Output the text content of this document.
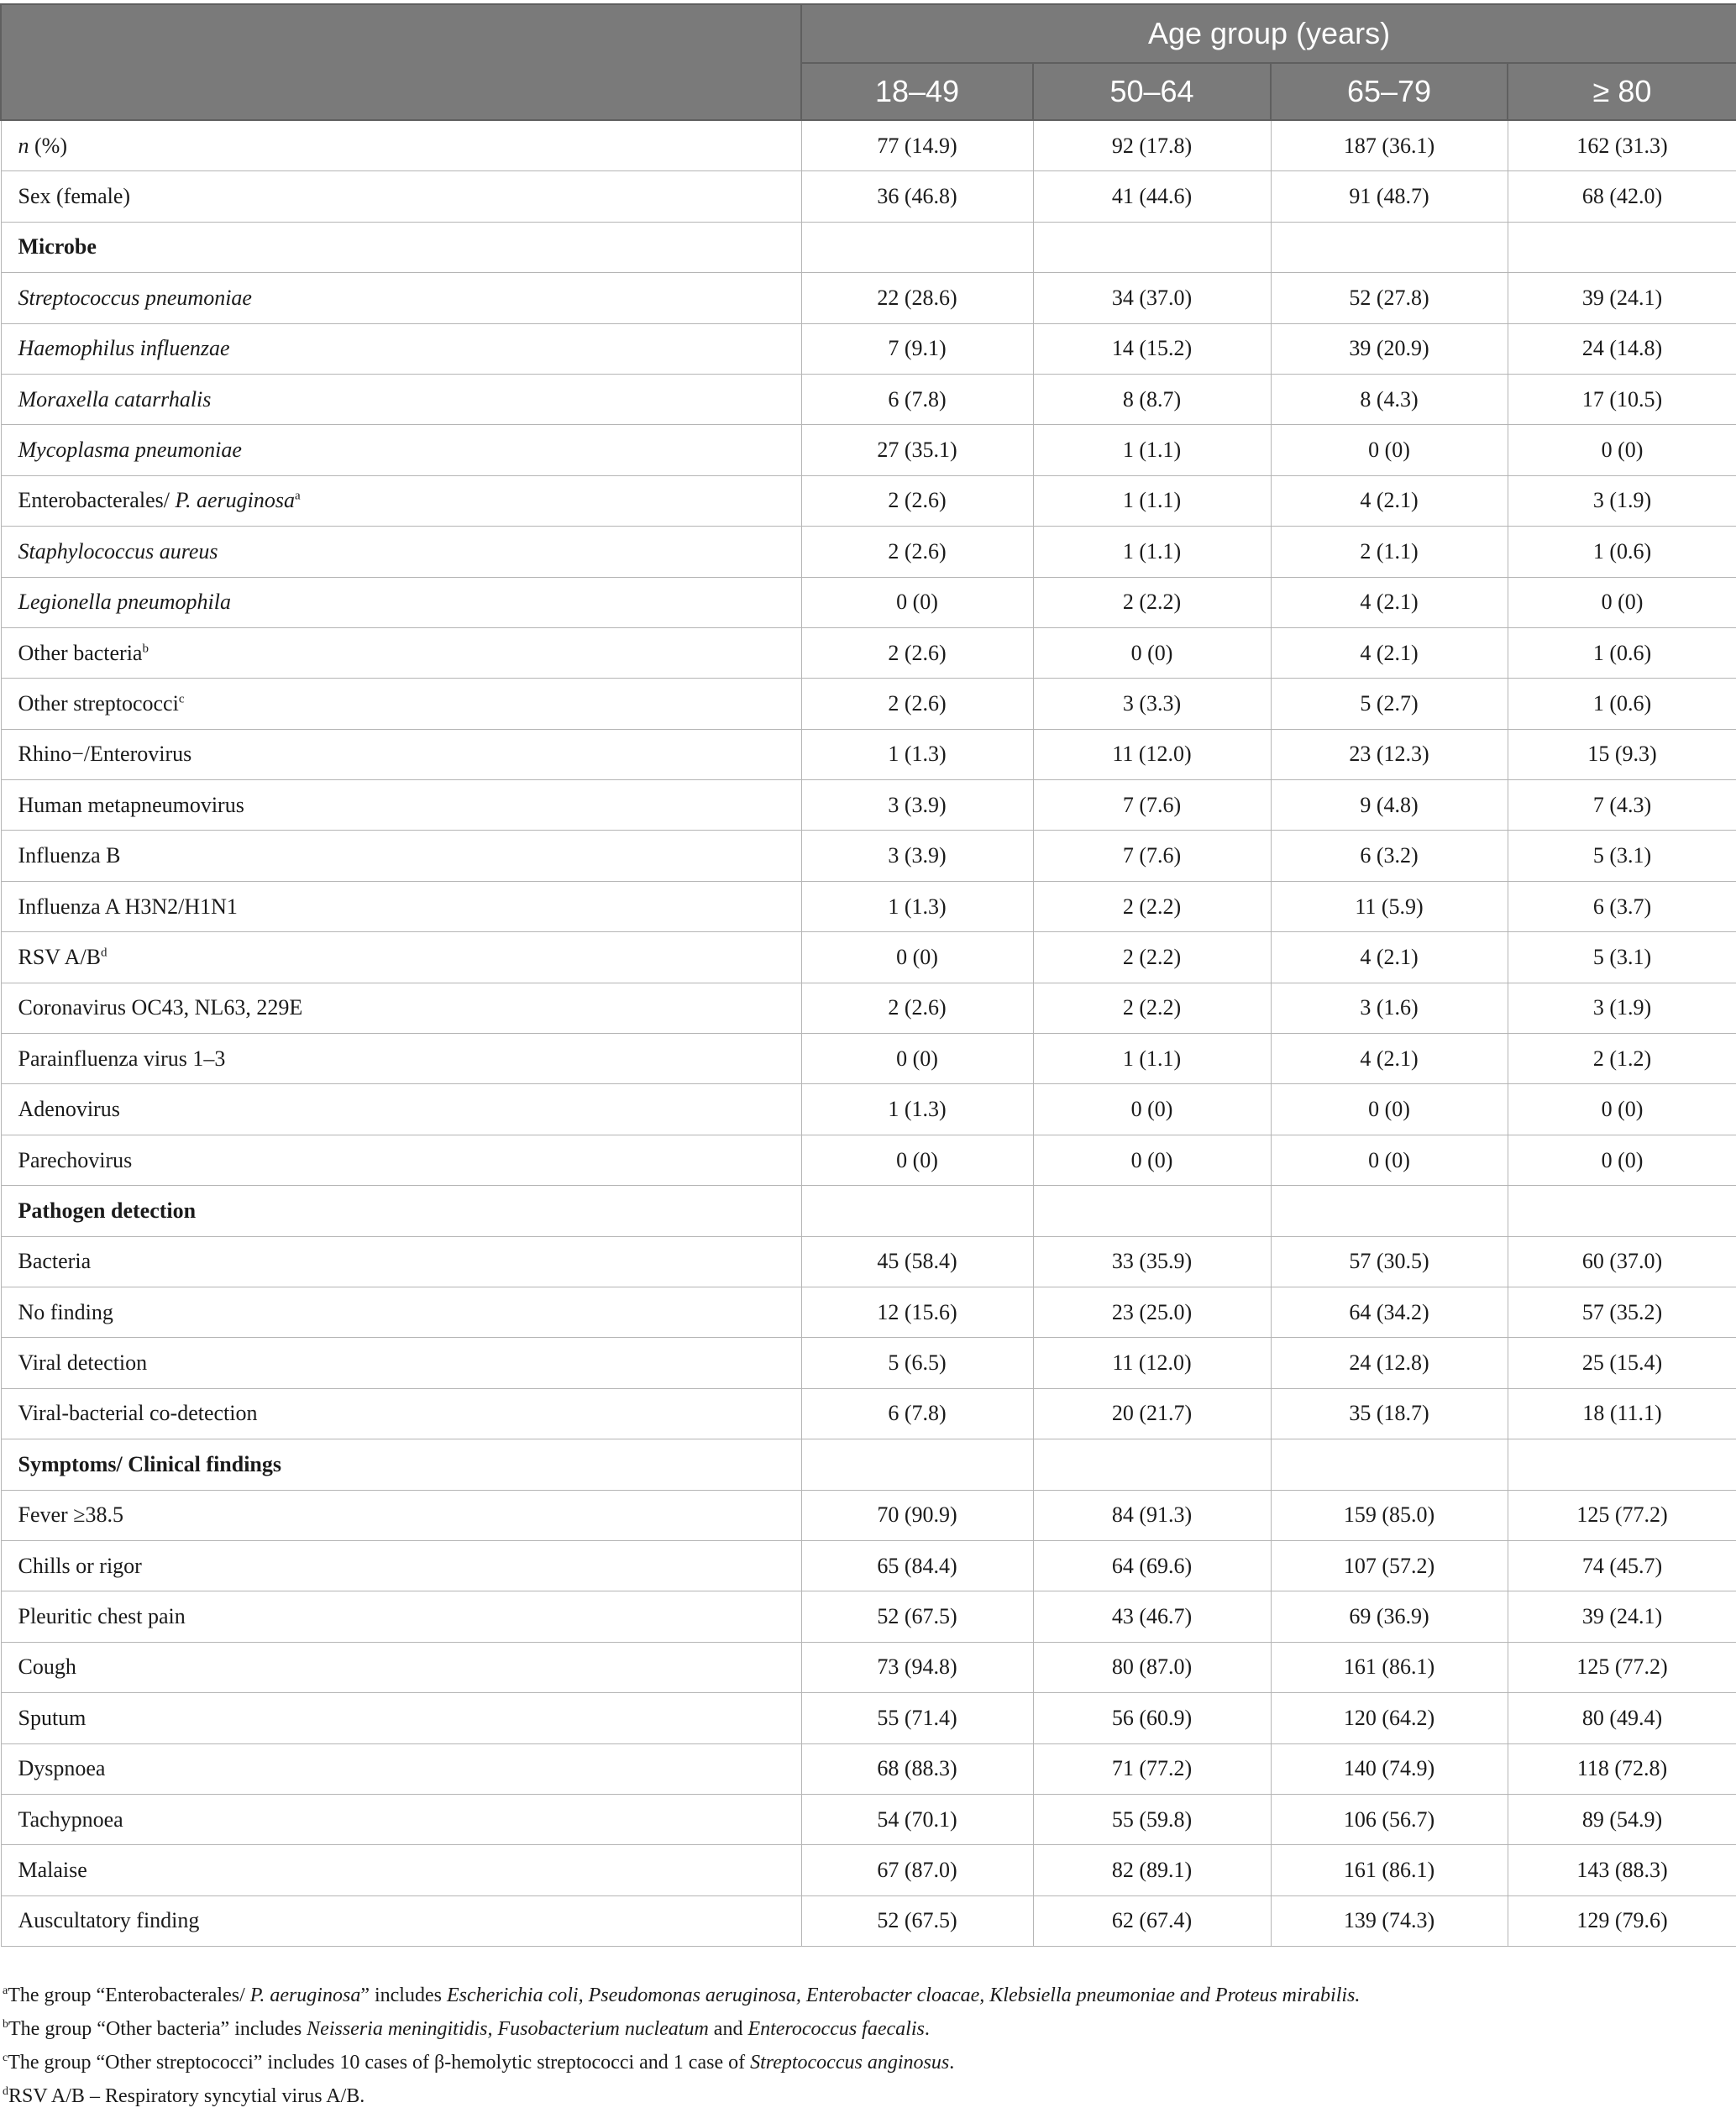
	Age group (years)			
	18–49	50–64	65–79	≥ 80
n (%)	77 (14.9)	92 (17.8)	187 (36.1)	162 (31.3)
Sex (female)	36 (46.8)	41 (44.6)	91 (48.7)	68 (42.0)
Microbe				
Streptococcus pneumoniae	22 (28.6)	34 (37.0)	52 (27.8)	39 (24.1)
Haemophilus influenzae	7 (9.1)	14 (15.2)	39 (20.9)	24 (14.8)
Moraxella catarrhalis	6 (7.8)	8 (8.7)	8 (4.3)	17 (10.5)
Mycoplasma pneumoniae	27 (35.1)	1 (1.1)	0 (0)	0 (0)
Enterobacterales/ P. aeruginosa$^a$	2 (2.6)	1 (1.1)	4 (2.1)	3 (1.9)
Staphylococcus aureus	2 (2.6)	1 (1.1)	2 (1.1)	1 (0.6)
Legionella pneumophila	0 (0)	2 (2.2)	4 (2.1)	0 (0)
Other bacteria$^b$	2 (2.6)	0 (0)	4 (2.1)	1 (0.6)
Other streptococci$^c$	2 (2.6)	3 (3.3)	5 (2.7)	1 (0.6)
Rhino−/Enterovirus	1 (1.3)	11 (12.0)	23 (12.3)	15 (9.3)
Human metapneumovirus	3 (3.9)	7 (7.6)	9 (4.8)	7 (4.3)
Influenza B	3 (3.9)	7 (7.6)	6 (3.2)	5 (3.1)
Influenza A H3N2/H1N1	1 (1.3)	2 (2.2)	11 (5.9)	6 (3.7)
RSV $A/B^d$	0 (0)	2 (2.2)	4 (2.1)	5 (3.1)
Coronavirus OC43, NL63, 229E	2 (2.6)	2 (2.2)	3 (1.6)	3 (1.9)
Parainfluenza virus 1–3	0 (0)	1 (1.1)	4 (2.1)	2 (1.2)
Adenovirus	1 (1.3)	0 (0)	0 (0)	0 (0)
Parechovirus	0 (0)	0 (0)	0 (0)	0 (0)
Pathogen detection				
Bacteria	45 (58.4)	33 (35.9)	57 (30.5)	60 (37.0)
No finding	12 (15.6)	23 (25.0)	64 (34.2)	57 (35.2)
Viral detection	5 (6.5)	11 (12.0)	24 (12.8)	25 (15.4)
Viral-bacterial co-detection	6 (7.8)	20 (21.7)	35 (18.7)	18 (11.1)
Symptoms/ Clinical findings				
Fever ≥38.5	70 (90.9)	84 (91.3)	159 (85.0)	125 (77.2)
Chills or rigor	65 (84.4)	64 (69.6)	107 (57.2)	74 (45.7)
Pleuritic chest pain	52 (67.5)	43 (46.7)	69 (36.9)	39 (24.1)
Cough	73 (94.8)	80 (87.0)	161 (86.1)	125 (77.2)
Sputum	55 (71.4)	56 (60.9)	120 (64.2)	80 (49.4)
Dyspnoea	68 (88.3)	71 (77.2)	140 (74.9)	118 (72.8)
Tachypnoea	54 (70.1)	55 (59.8)	106 (56.7)	89 (54.9)
Malaise	67 (87.0)	82 (89.1)	161 (86.1)	143 (88.3)
Auscultatory finding	52 (67.5)	62 (67.4)	139 (74.3)	129 (79.6)
$^a$The group “Enterobacterales/ P. aeruginosa” includes Escherichia coli, Pseudomonas aeruginosa, Enterobacter cloacae, Klebsiella pneumoniae and Proteus mirabilis.
$^b$The group “Other bacteria” includes Neisseria meningitidis, Fusobacterium nucleatum and Enterococcus faecalis.
$^c$The group “Other streptococci” includes 10 cases of β-hemolytic streptococci and 1 case of Streptococcus anginosus.
$^d$RSV A/B – Respiratory syncytial virus A/B.
